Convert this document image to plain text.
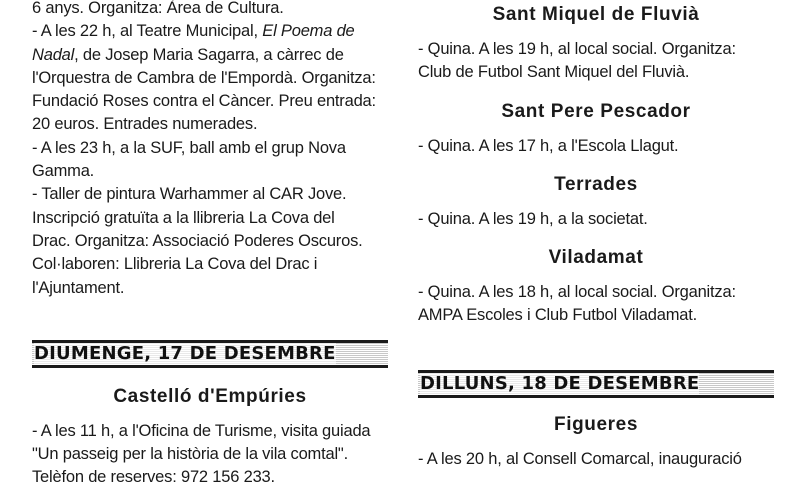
6 anys. Organitza: Àrea de Cultura.

- A les 22 h, al Teatre Municipal, El Poema de
Nadal, de Josep Maria Sagarra, a càrrec de
l'Orquestra de Cambra de l'Empordà. Organitza:
Fundació Roses contra el Càncer. Preu entrada:
20 euros. Entrades numerades.

- A les 23 h, a la SUF, ball amb el grup Nova
Gamma.

- Taller de pintura Warhammer al CAR Jove.
Inscripció gratuïta a la llibreria La Cova del
Drac. Organitza: Associació Poderes Oscuros.
Col·laboren: Llibreria La Cova del Drac i
l'Ajuntament.

DIUMENGE, 17 DE DESEMBRE

Castelló d'Empúries

- A les 11 h, a l'Oficina de Turisme, visita guiada
"Un passeig per la història de la vila comtal".
Telèfon de reserves: 972 156 233.

Sant Miquel de Fluvià

- Quina. A les 19 h, al local social. Organitza:
Club de Futbol Sant Miquel del Fluvià.

Sant Pere Pescador

- Quina. A les 17 h, a l'Escola Llagut.

Terrades

- Quina. A les 19 h, a la societat.

Viladamat

- Quina. A les 18 h, al local social. Organitza:
AMPA Escoles i Club Futbol Viladamat.

DILLUNS, 18 DE DESEMBRE

Figueres

- A les 20 h, al Consell Comarcal, inauguració
